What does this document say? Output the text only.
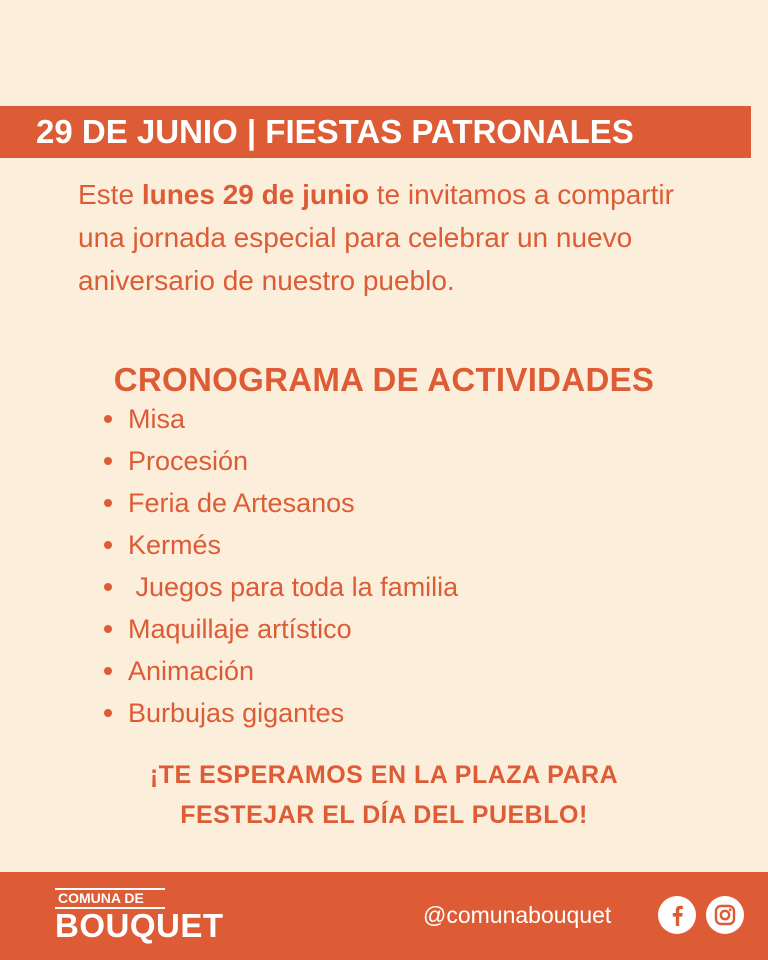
29 DE JUNIO | FIESTAS PATRONALES

Este lunes 29 de junio te invitamos a compartir una jornada especial para celebrar un nuevo aniversario de nuestro pueblo.

CRONOGRAMA DE ACTIVIDADES
Misa
Procesión
Feria de Artesanos
Kermés
Juegos para toda la familia
Maquillaje artístico
Animación
Burbujas gigantes
¡TE ESPERAMOS EN LA PLAZA PARA
FESTEJAR EL DÍA DEL PUEBLO!
COMUNA DE
BOUQUET	@comunabouquet
